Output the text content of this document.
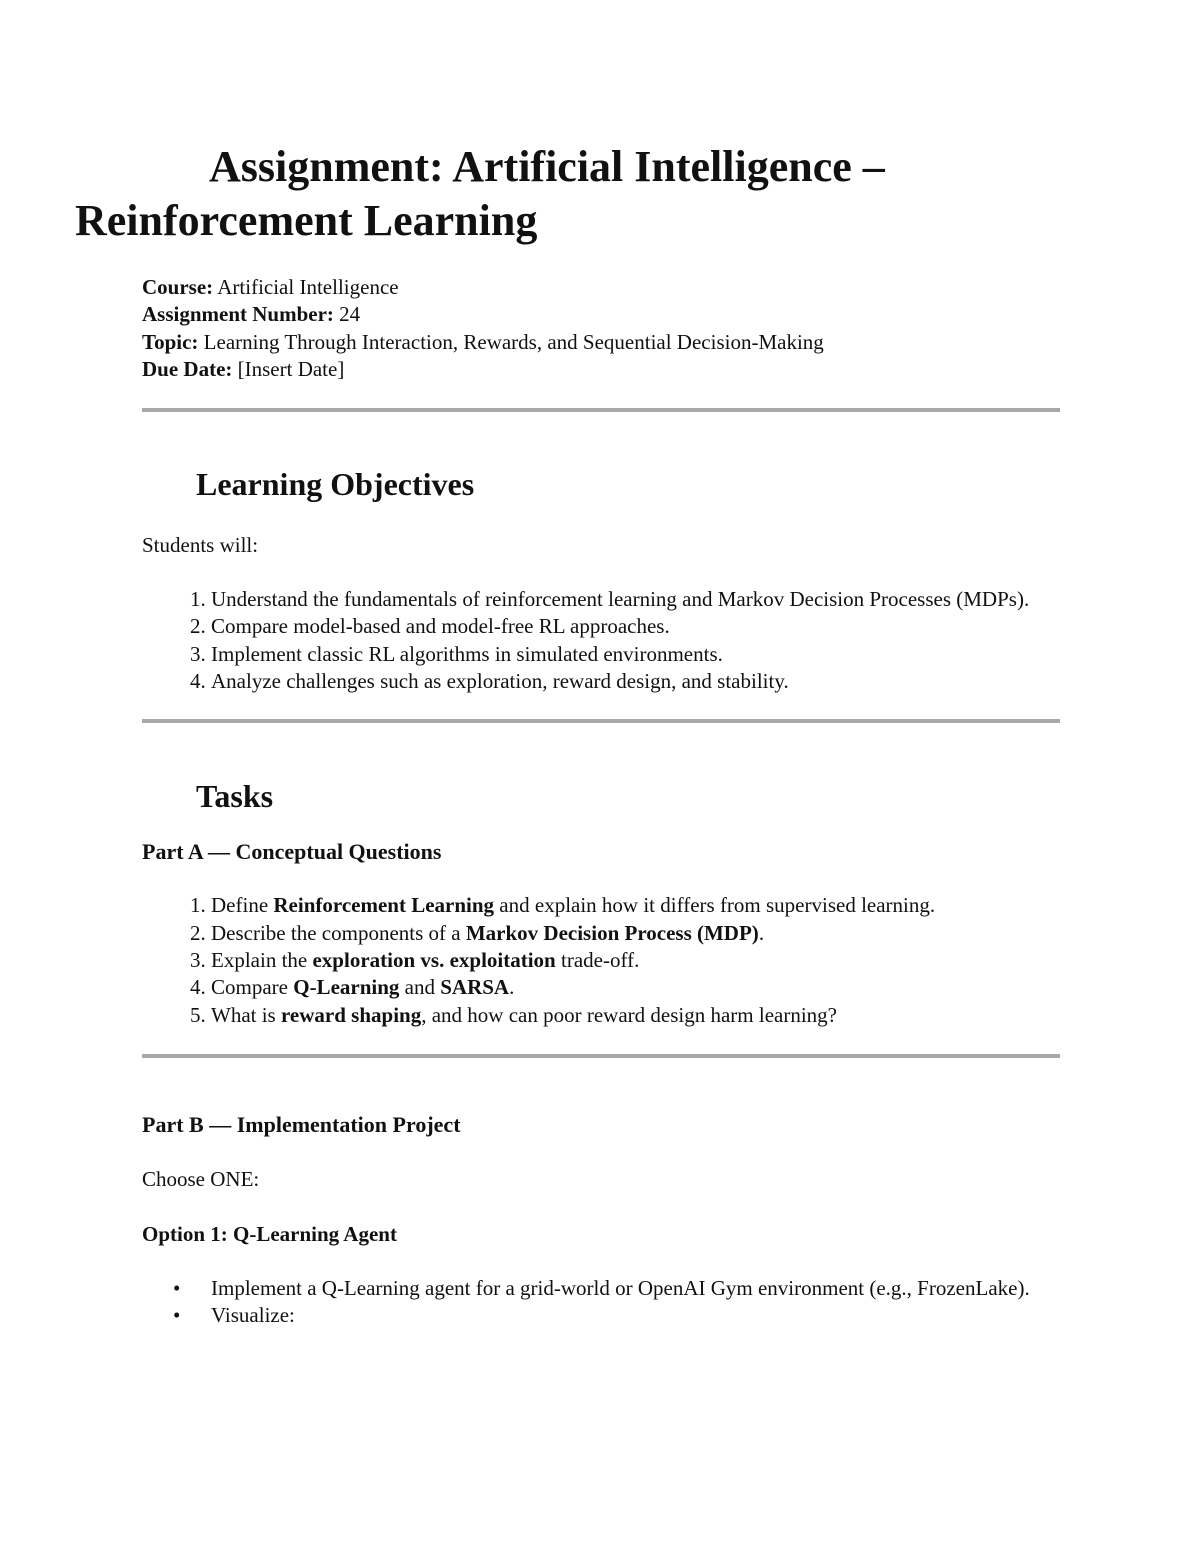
Assignment: Artificial Intelligence –
Reinforcement Learning
Course: Artificial Intelligence
Assignment Number: 24
Topic: Learning Through Interaction, Rewards, and Sequential Decision-Making
Due Date: [Insert Date]
Learning Objectives

Students will:

1. Understand the fundamentals of reinforcement learning and Markov Decision Processes (MDPs).
2. Compare model-based and model-free RL approaches.
3. Implement classic RL algorithms in simulated environments.
4. Analyze challenges such as exploration, reward design, and stability.
Tasks
Part A — Conceptual Questions
1. Define Reinforcement Learning and explain how it differs from supervised learning.
2. Describe the components of a Markov Decision Process (MDP).
3. Explain the exploration vs. exploitation trade-off.
4. Compare Q-Learning and SARSA.
5. What is reward shaping, and how can poor reward design harm learning?
Part B — Implementation Project

Choose ONE:

Option 1: Q-Learning Agent
• Implement a Q-Learning agent for a grid-world or OpenAI Gym environment (e.g., FrozenLake).
• Visualize:
